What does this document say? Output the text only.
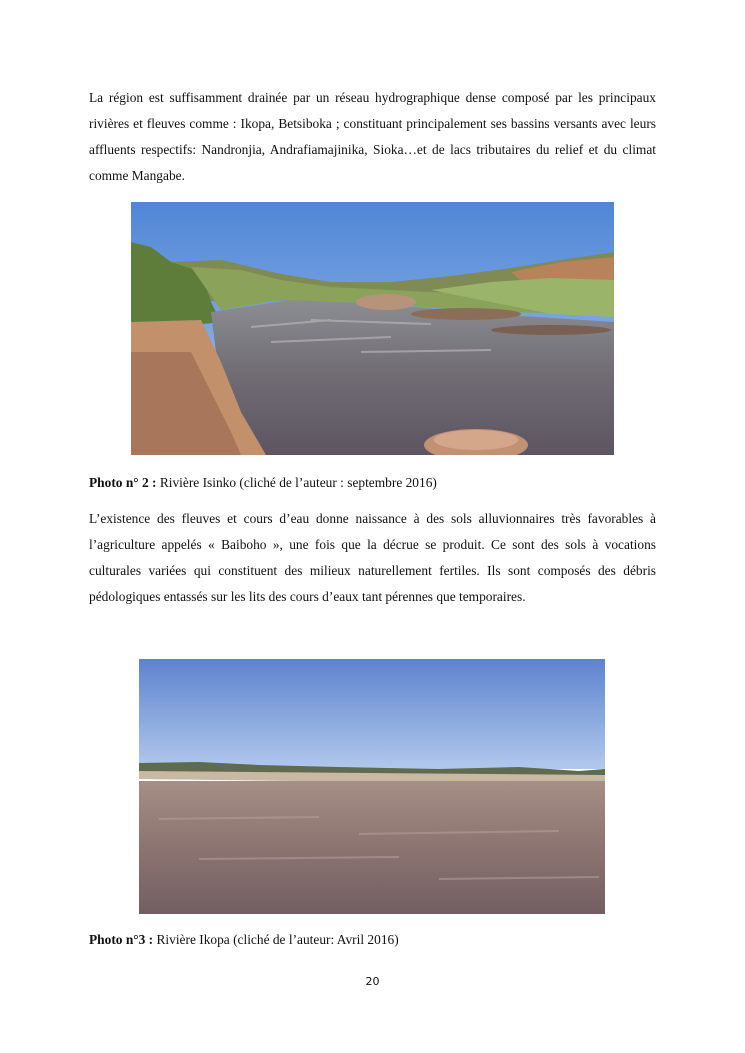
La région est suffisamment drainée par un réseau hydrographique dense composé par les principaux rivières et fleuves comme : Ikopa, Betsiboka ; constituant principalement ses bassins versants avec leurs affluents respectifs: Nandronjia, Andrafiamajinika, Sioka…et de lacs tributaires du relief et du climat comme Mangabe.

Photo n° 2 : Rivière Isinko (cliché de l’auteur : septembre 2016)

L’existence des fleuves et cours d’eau donne naissance à des sols alluvionnaires très favorables à l’agriculture appelés « Baiboho », une fois que la décrue se produit. Ce sont des sols à vocations culturales variées qui constituent des milieux naturellement fertiles. Ils sont composés des débris pédologiques entassés sur les lits des cours d’eaux tant pérennes que temporaires.

Photo n°3 : Rivière Ikopa (cliché de l’auteur: Avril 2016)

20
